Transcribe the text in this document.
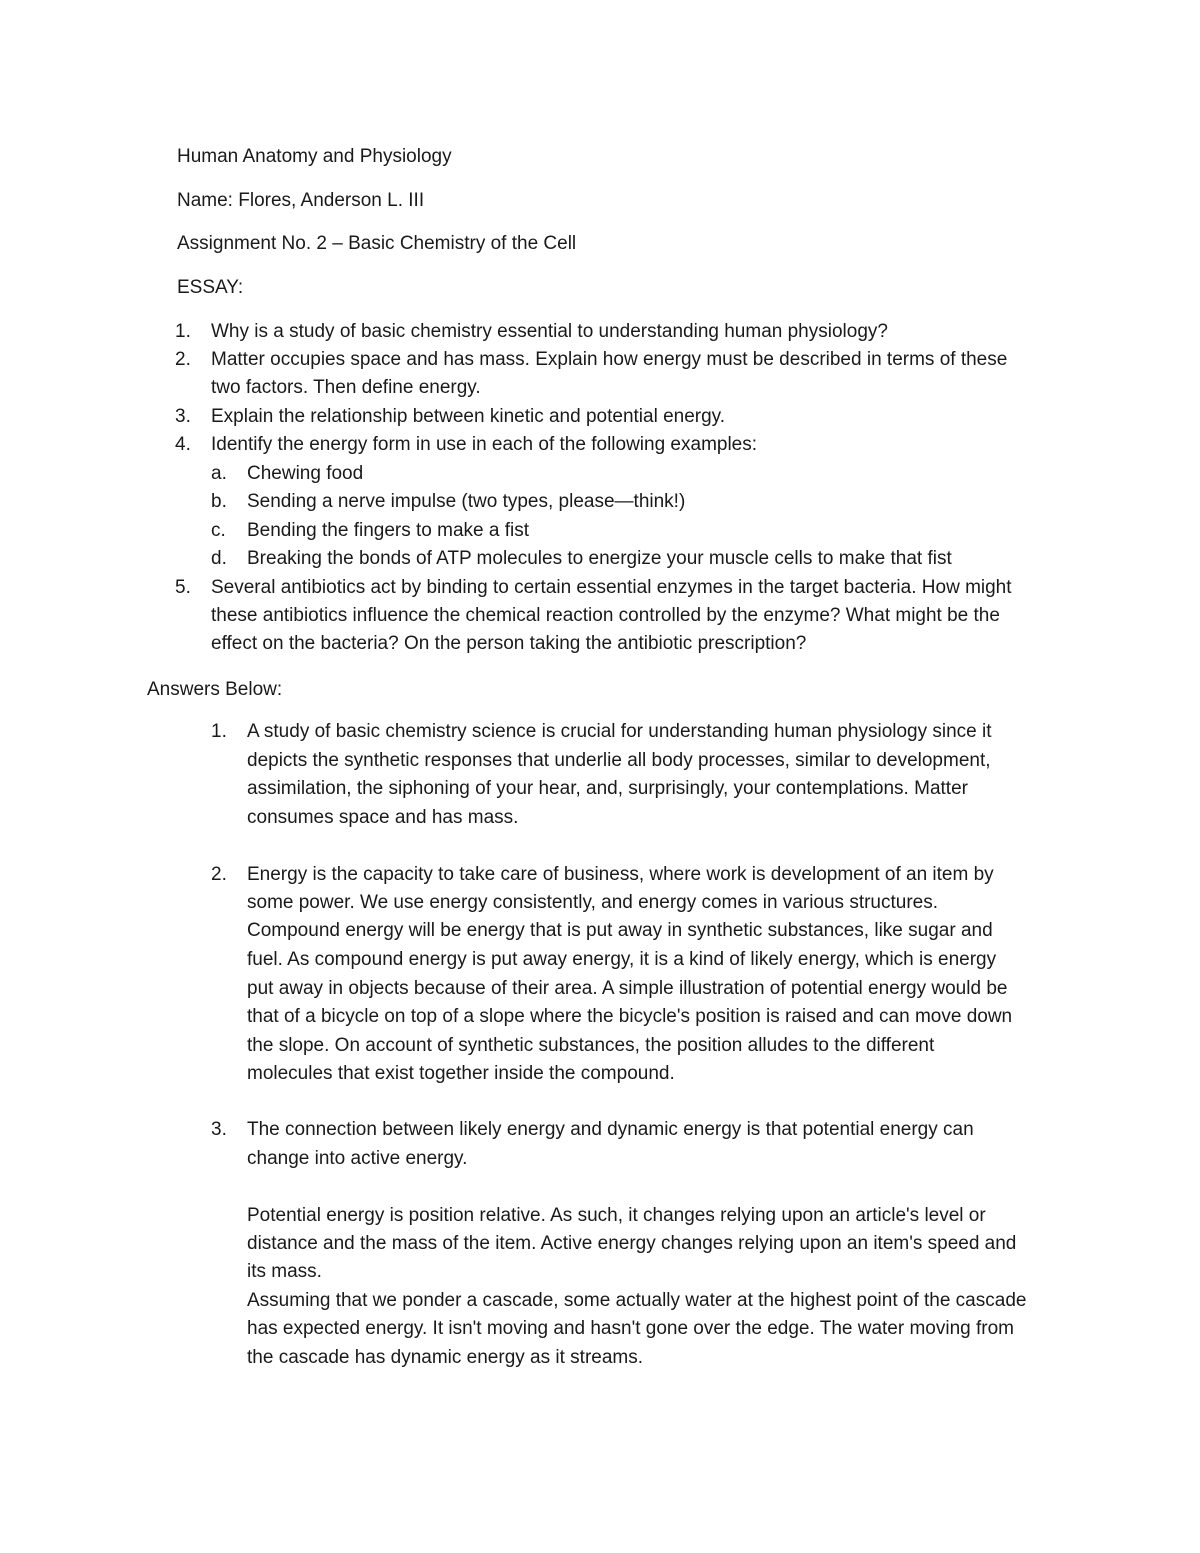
Human Anatomy and Physiology
Name: Flores, Anderson L. III
Assignment No. 2 – Basic Chemistry of the Cell
ESSAY:
1. Why is a study of basic chemistry essential to understanding human physiology?
2. Matter occupies space and has mass. Explain how energy must be described in terms of these
two factors. Then define energy.
3. Explain the relationship between kinetic and potential energy.
4. Identify the energy form in use in each of the following examples:
a. Chewing food
b. Sending a nerve impulse (two types, please—think!)
c. Bending the fingers to make a fist
d. Breaking the bonds of ATP molecules to energize your muscle cells to make that fist
5. Several antibiotics act by binding to certain essential enzymes in the target bacteria. How might
these antibiotics influence the chemical reaction controlled by the enzyme? What might be the
effect on the bacteria? On the person taking the antibiotic prescription?
Answers Below:
1. A study of basic chemistry science is crucial for understanding human physiology since it
depicts the synthetic responses that underlie all body processes, similar to development,
assimilation, the siphoning of your hear, and, surprisingly, your contemplations. Matter
consumes space and has mass.
2. Energy is the capacity to take care of business, where work is development of an item by
some power. We use energy consistently, and energy comes in various structures.
Compound energy will be energy that is put away in synthetic substances, like sugar and
fuel. As compound energy is put away energy, it is a kind of likely energy, which is energy
put away in objects because of their area. A simple illustration of potential energy would be
that of a bicycle on top of a slope where the bicycle's position is raised and can move down
the slope. On account of synthetic substances, the position alludes to the different
molecules that exist together inside the compound.
3. The connection between likely energy and dynamic energy is that potential energy can
change into active energy.
Potential energy is position relative. As such, it changes relying upon an article's level or
distance and the mass of the item. Active energy changes relying upon an item's speed and
its mass.
Assuming that we ponder a cascade, some actually water at the highest point of the cascade
has expected energy. It isn't moving and hasn't gone over the edge. The water moving from
the cascade has dynamic energy as it streams.
